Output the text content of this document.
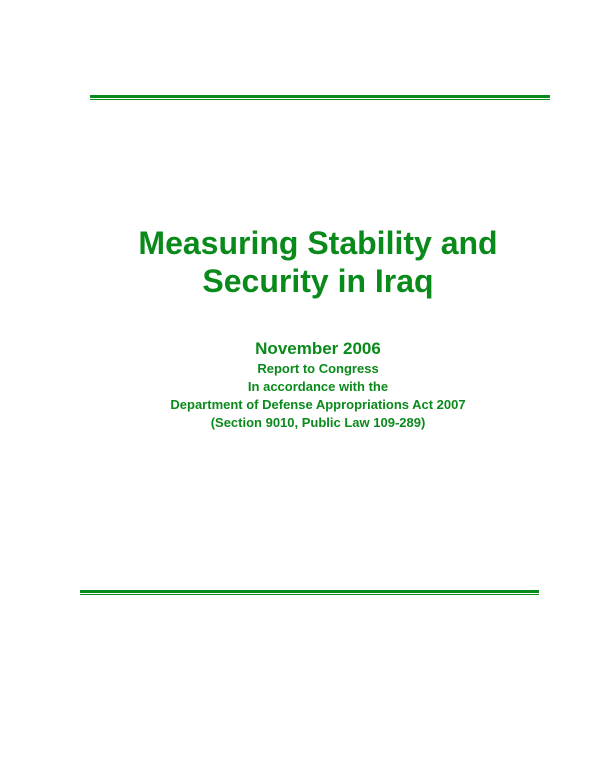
Measuring Stability and
Security in Iraq
November 2006
Report to Congress
In accordance with the
Department of Defense Appropriations Act 2007
(Section 9010, Public Law 109-289)
